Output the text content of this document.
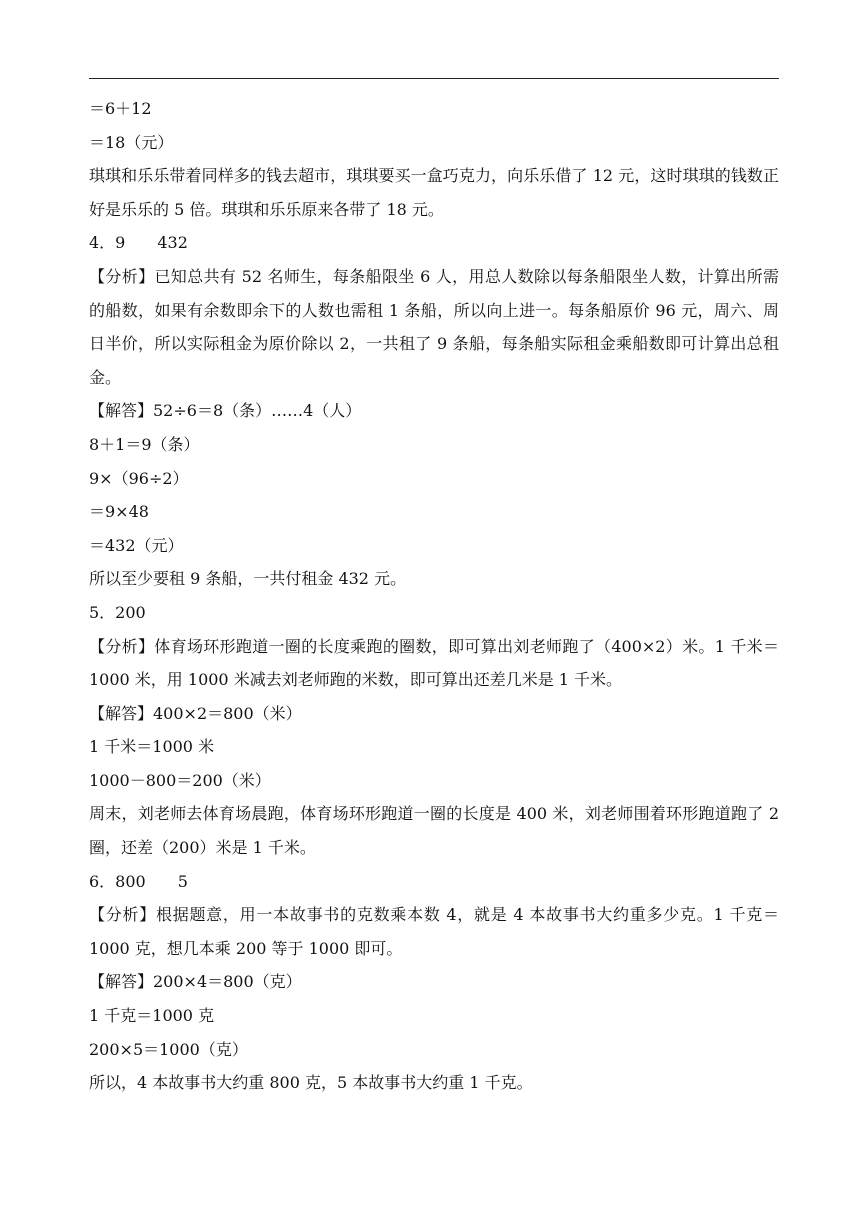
＝6＋12
＝18（元）
琪琪和乐乐带着同样多的钱去超市，琪琪要买一盒巧克力，向乐乐借了 12 元，这时琪琪的钱数正好是乐乐的 5 倍。琪琪和乐乐原来各带了 18 元。
4．9　　432
【分析】已知总共有 52 名师生，每条船限坐 6 人，用总人数除以每条船限坐人数，计算出所需的船数，如果有余数即余下的人数也需租 1 条船，所以向上进一。每条船原价 96 元，周六、周日半价，所以实际租金为原价除以 2，一共租了 9 条船，每条船实际租金乘船数即可计算出总租金。
【解答】52÷6＝8（条）……4（人）
8＋1＝9（条）
9×（96÷2）
＝9×48
＝432（元）
所以至少要租 9 条船，一共付租金 432 元。
5．200
【分析】体育场环形跑道一圈的长度乘跑的圈数，即可算出刘老师跑了（400×2）米。1 千米＝1000 米，用 1000 米减去刘老师跑的米数，即可算出还差几米是 1 千米。
【解答】400×2＝800（米）
1 千米＝1000 米
1000－800＝200（米）
周末，刘老师去体育场晨跑，体育场环形跑道一圈的长度是 400 米，刘老师围着环形跑道跑了 2 圈，还差（200）米是 1 千米。
6．800　　5
【分析】根据题意，用一本故事书的克数乘本数 4，就是 4 本故事书大约重多少克。1 千克＝1000 克，想几本乘 200 等于 1000 即可。
【解答】200×4＝800（克）
1 千克＝1000 克
200×5＝1000（克）
所以，4 本故事书大约重 800 克，5 本故事书大约重 1 千克。
